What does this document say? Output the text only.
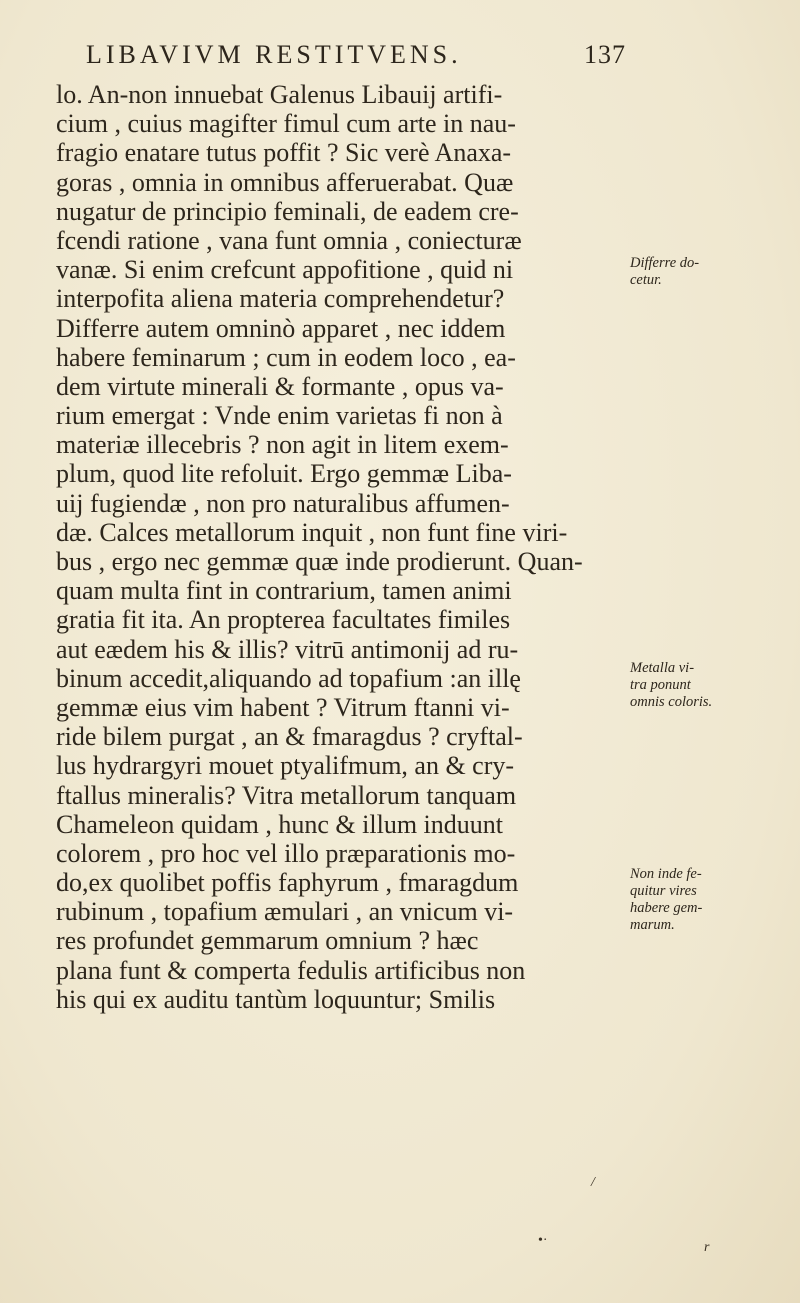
LIBAVIVM RESTITVENS.	137
lo. An-non innuebat Galenus Libauij artifi-
cium , cuius magifter fimul cum arte in nau-
fragio enatare tutus poffit ? Sic verè Anaxa-
goras , omnia in omnibus afferuerabat. Quæ
nugatur de principio feminali, de eadem cre-
fcendi ratione , vana funt omnia , coniecturæ
vanæ. Si enim crefcunt appofitione , quid ni
interpofita aliena materia comprehendetur?
Differre autem omninò apparet , nec iddem
habere feminarum ; cum in eodem loco , ea-
dem virtute minerali & formante , opus va-
rium emergat : Vnde enim varietas fi non à
materiæ illecebris ? non agit in litem exem-
plum, quod lite refoluit. Ergo gemmæ Liba-
uij fugiendæ , non pro naturalibus affumen-
dæ. Calces metallorum inquit , non funt fine viri-
bus , ergo nec gemmæ quæ inde prodierunt. Quan-
quam multa fint in contrarium, tamen animi
gratia fit ita. An propterea facultates fimiles
aut eædem his & illis? vitrū antimonij ad ru-
binum accedit,aliquando ad topafium :an illę
gemmæ eius vim habent ? Vitrum ftanni vi-
ride bilem purgat , an & fmaragdus ? cryftal-
lus hydrargyri mouet ptyalifmum, an & cry-
ftallus mineralis? Vitra metallorum tanquam
Chameleon quidam , hunc & illum induunt
colorem , pro hoc vel illo præparationis mo-
do,ex quolibet poffis faphyrum , fmaragdum
rubinum , topafium æmulari , an vnicum vi-
res profundet gemmarum omnium ? hæc
plana funt & comperta fedulis artificibus non
his qui ex auditu tantùm loquuntur; Smilis
Differre do-
cetur.
Metalla vi-
tra ponunt
omnis coloris.
Non inde fe-
quitur vires
habere gem-
marum.
/
•·	r
